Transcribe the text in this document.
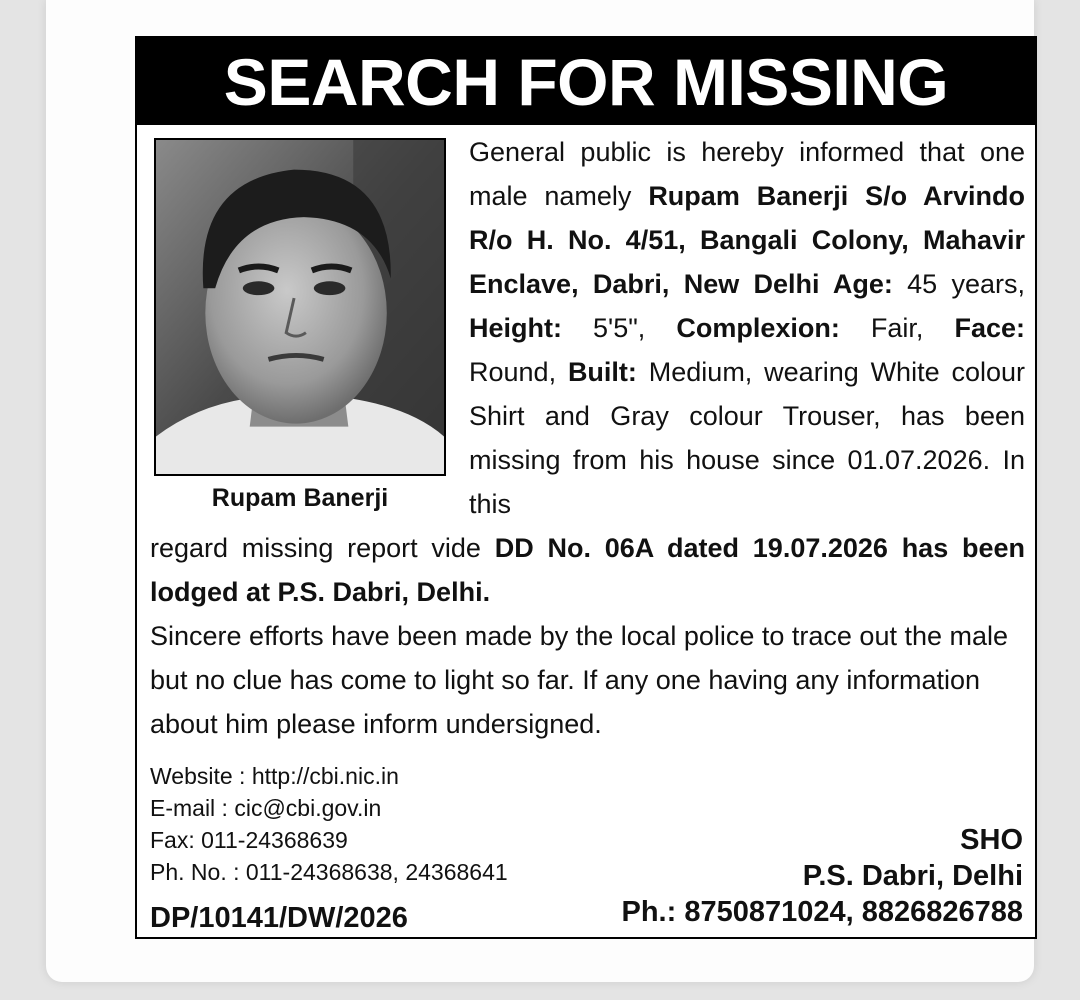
SEARCH FOR MISSING
Rupam Banerji

General public is hereby informed that one male namely Rupam Banerji S/o Arvindo R/o H. No. 4/51, Bangali Colony, Mahavir Enclave, Dabri, New Delhi Age: 45 years, Height: 5'5", Complexion: Fair, Face: Round, Built: Medium, wearing White colour Shirt and Gray colour Trouser, has been missing from his house since 01.07.2026. In this

regard missing report vide DD No. 06A dated 19.07.2026 has been lodged at P.S. Dabri, Delhi.

Sincere efforts have been made by the local police to trace out the male but no clue has come to light so far. If any one having any information about him please inform undersigned.

Website : http://cbi.nic.in
E-mail : cic@cbi.gov.in
Fax: 011-24368639
Ph. No. : 011-24368638, 24368641
DP/10141/DW/2026
SHO
P.S. Dabri, Delhi
Ph.: 8750871024, 8826826788
